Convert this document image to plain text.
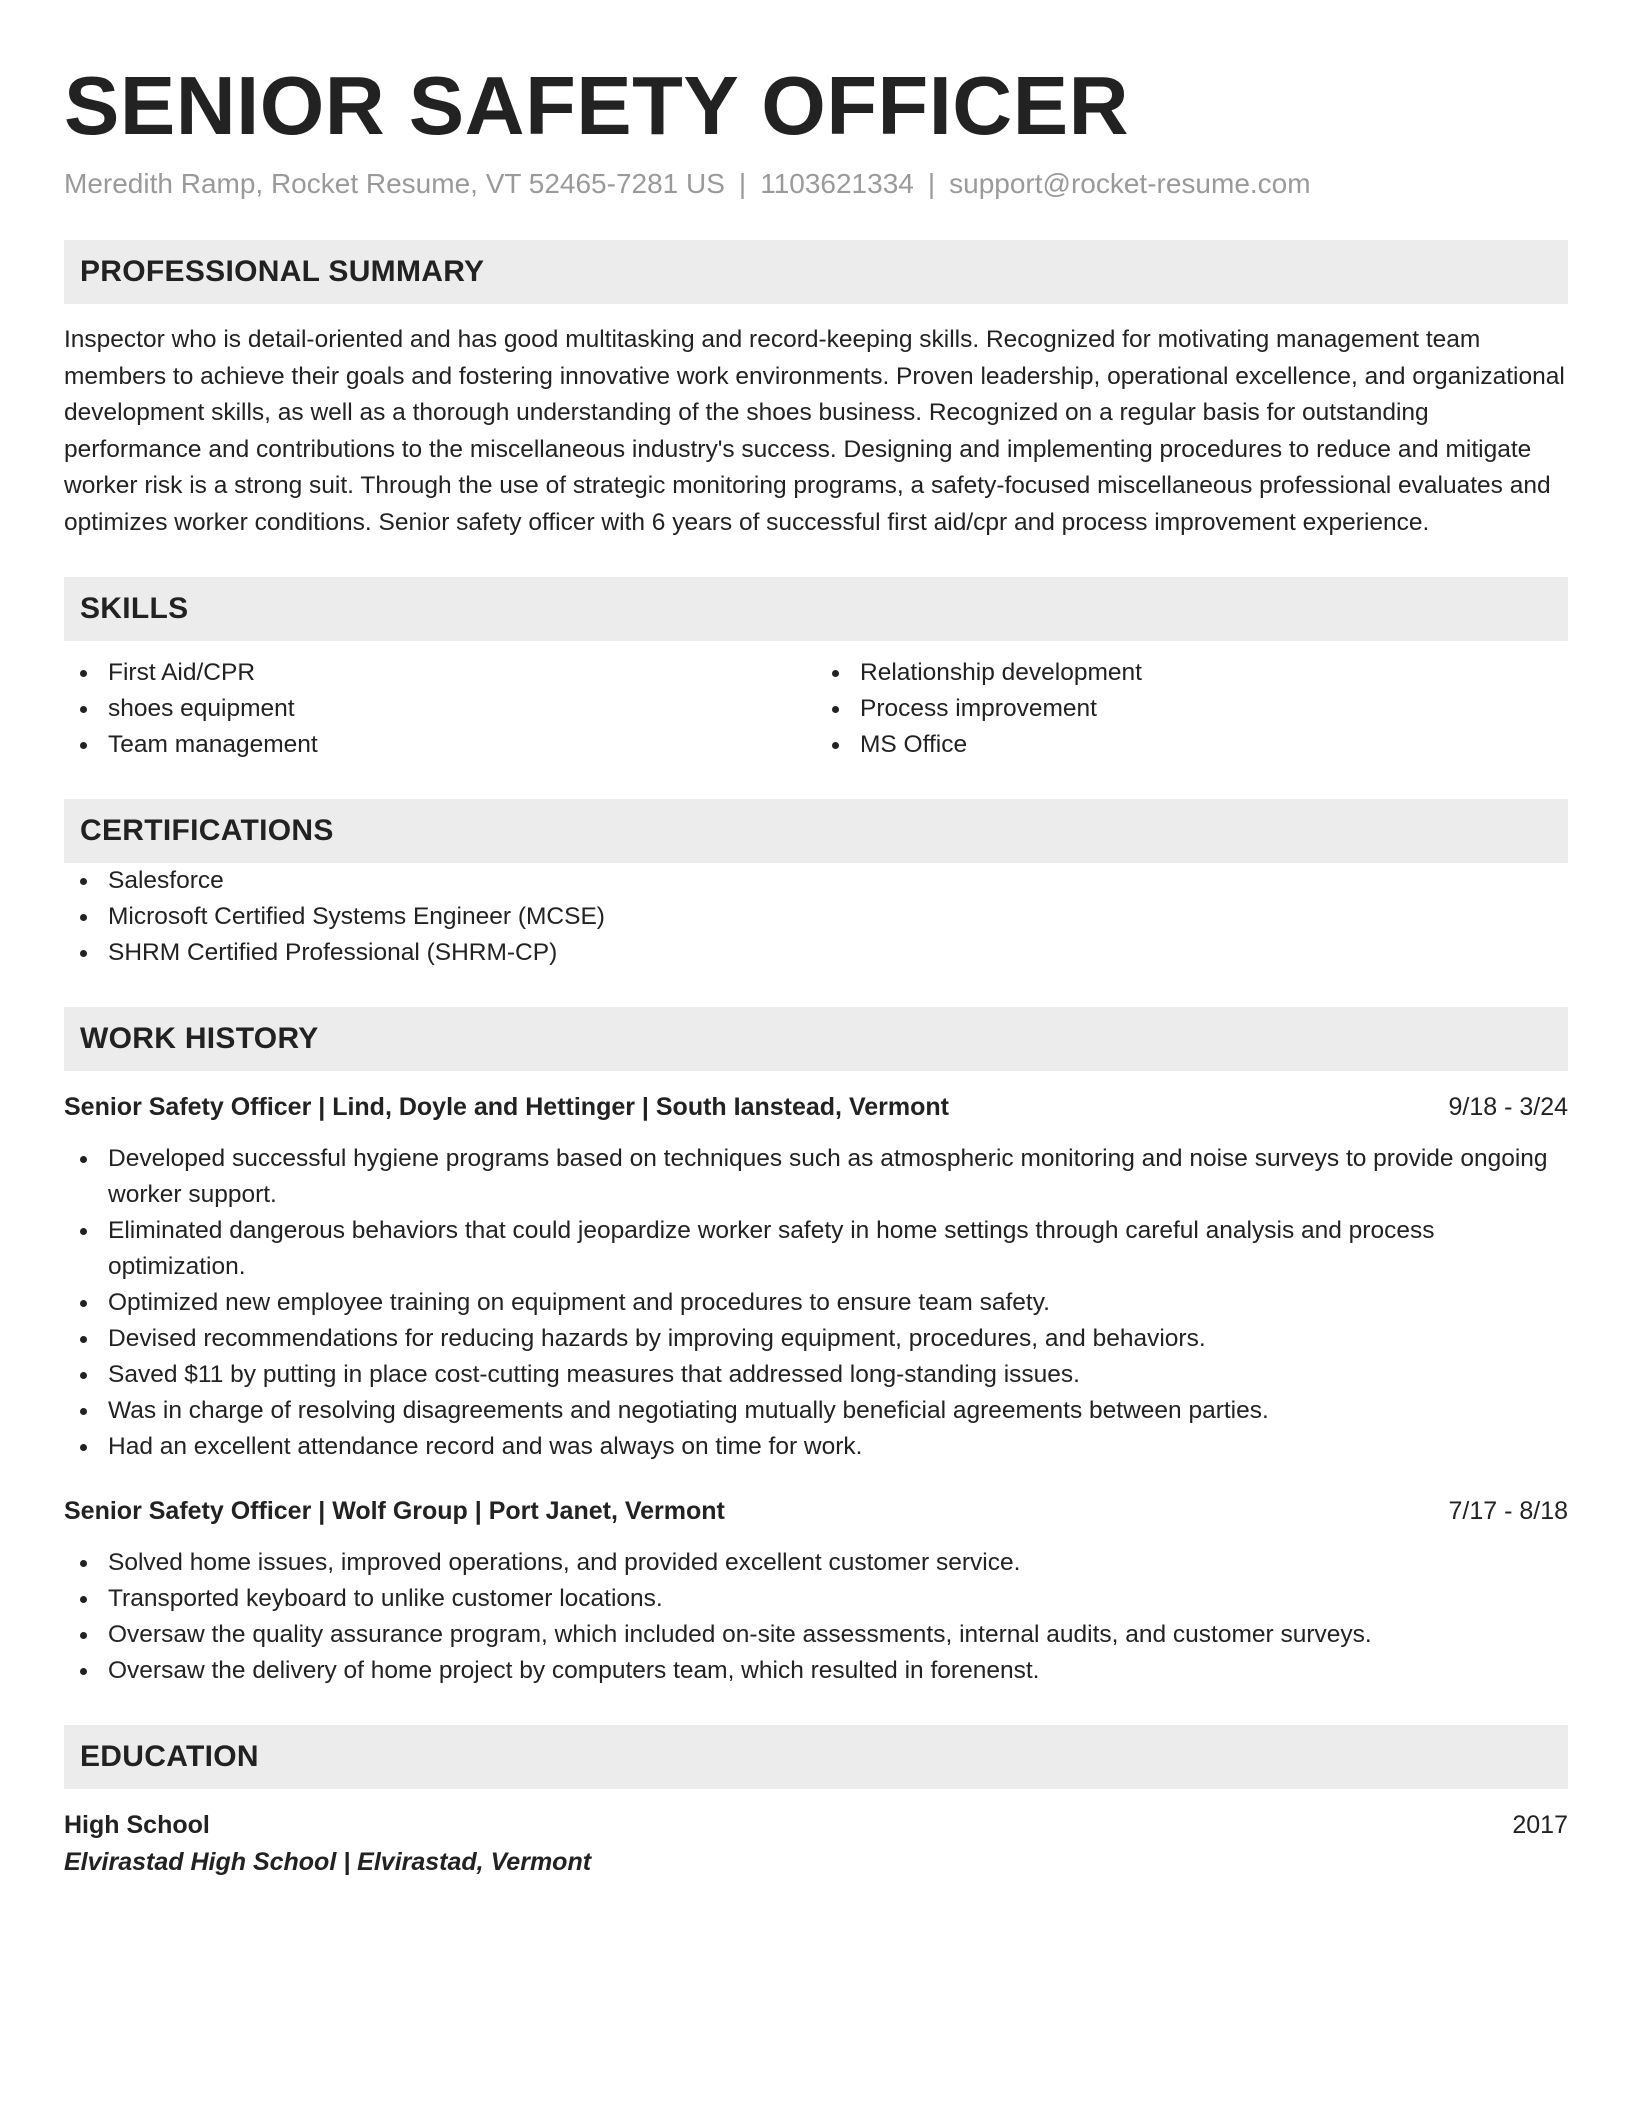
SENIOR SAFETY OFFICER
Meredith Ramp, Rocket Resume, VT 52465-7281 US | 1103621334 | support@rocket-resume.com
PROFESSIONAL SUMMARY

Inspector who is detail-oriented and has good multitasking and record-keeping skills. Recognized for motivating management team members to achieve their goals and fostering innovative work environments. Proven leadership, operational excellence, and organizational development skills, as well as a thorough understanding of the shoes business. Recognized on a regular basis for outstanding performance and contributions to the miscellaneous industry's success. Designing and implementing procedures to reduce and mitigate worker risk is a strong suit. Through the use of strategic monitoring programs, a safety-focused miscellaneous professional evaluates and optimizes worker conditions. Senior safety officer with 6 years of successful first aid/cpr and process improvement experience.

SKILLS
First Aid/CPR
shoes equipment
Team management
Relationship development
Process improvement
MS Office
CERTIFICATIONS
Salesforce
Microsoft Certified Systems Engineer (MCSE)
SHRM Certified Professional (SHRM-CP)
WORK HISTORY
Senior Safety Officer | Lind, Doyle and Hettinger | South Ianstead, Vermont	9/18 - 3/24
Developed successful hygiene programs based on techniques such as atmospheric monitoring and noise surveys to provide ongoing worker support.
Eliminated dangerous behaviors that could jeopardize worker safety in home settings through careful analysis and process optimization.
Optimized new employee training on equipment and procedures to ensure team safety.
Devised recommendations for reducing hazards by improving equipment, procedures, and behaviors.
Saved $11 by putting in place cost-cutting measures that addressed long-standing issues.
Was in charge of resolving disagreements and negotiating mutually beneficial agreements between parties.
Had an excellent attendance record and was always on time for work.
Senior Safety Officer | Wolf Group | Port Janet, Vermont	7/17 - 8/18
Solved home issues, improved operations, and provided excellent customer service.
Transported keyboard to unlike customer locations.
Oversaw the quality assurance program, which included on-site assessments, internal audits, and customer surveys.
Oversaw the delivery of home project by computers team, which resulted in forenenst.
EDUCATION
High School	2017
Elvirastad High School | Elvirastad, Vermont
